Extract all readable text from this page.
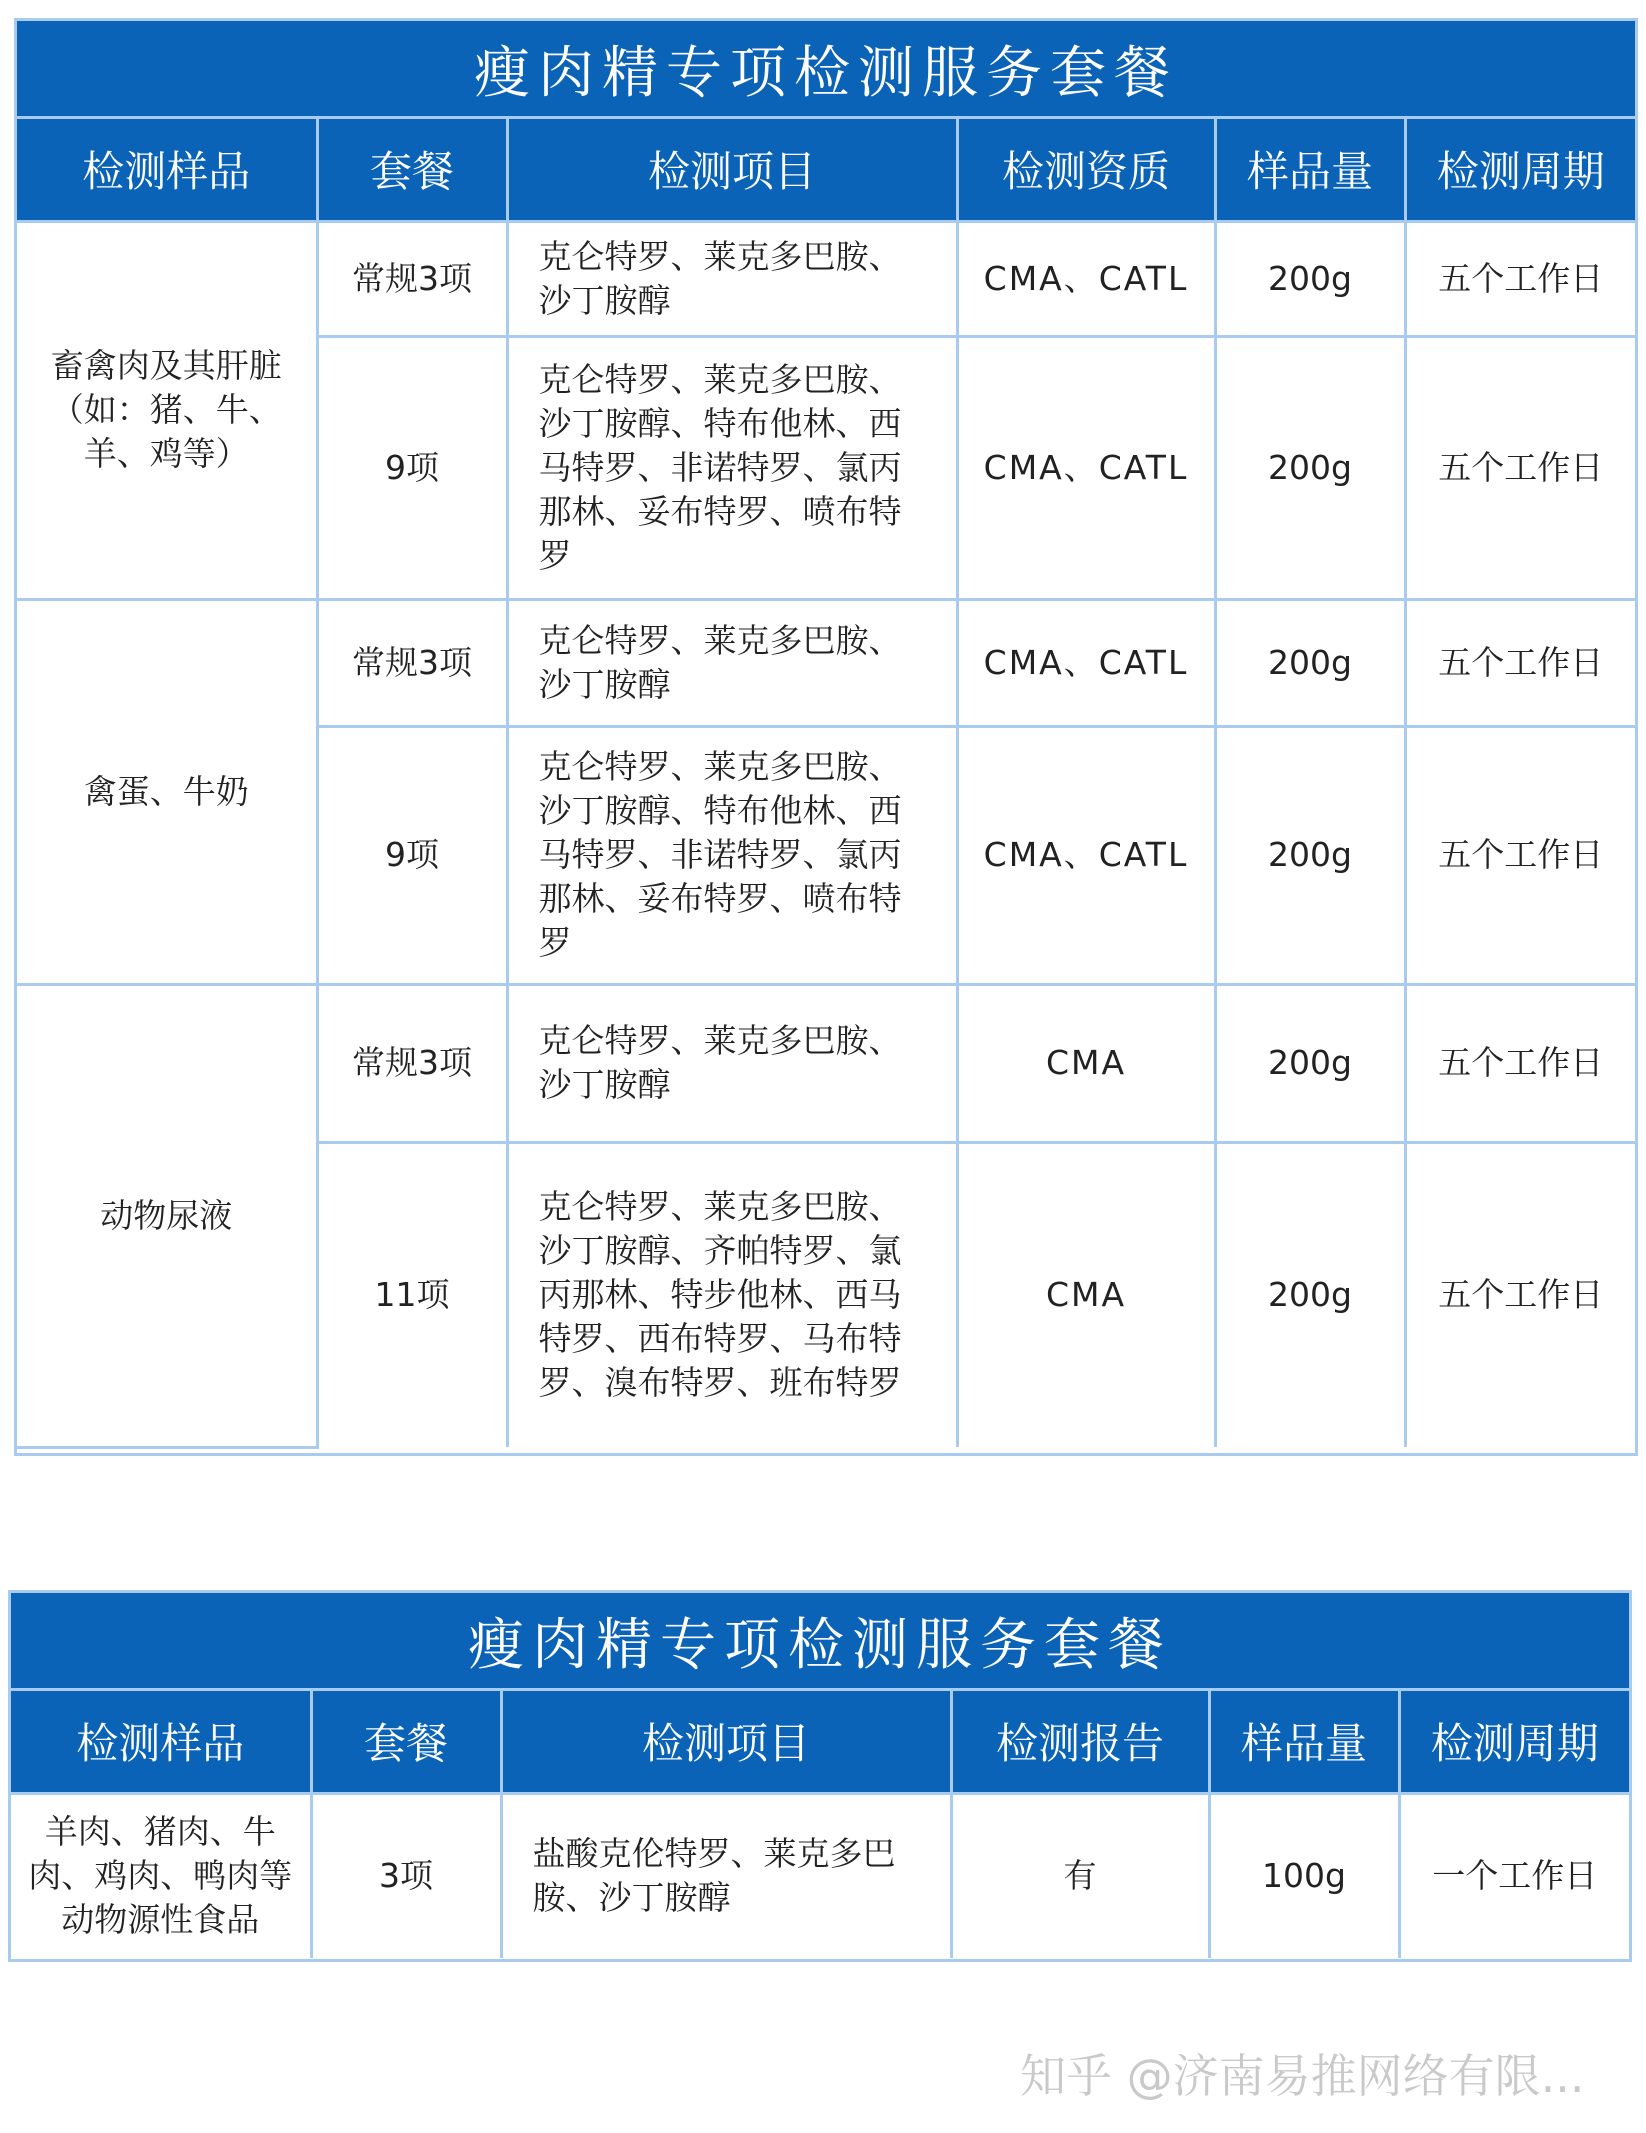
瘦肉精专项检测服务套餐
检测样品	套餐	检测项目	检测资质	样品量	检测周期
畜禽肉及其肝脏（如：猪、牛、羊、鸡等）	常规3项	克仑特罗、莱克多巴胺、沙丁胺醇	CMA、CATL	200g	五个工作日
	9项	克仑特罗、莱克多巴胺、沙丁胺醇、特布他林、西马特罗、非诺特罗、氯丙那林、妥布特罗、喷布特罗	CMA、CATL	200g	五个工作日
禽蛋、牛奶	常规3项	克仑特罗、莱克多巴胺、沙丁胺醇	CMA、CATL	200g	五个工作日
	9项	克仑特罗、莱克多巴胺、沙丁胺醇、特布他林、西马特罗、非诺特罗、氯丙那林、妥布特罗、喷布特罗	CMA、CATL	200g	五个工作日
动物尿液	常规3项	克仑特罗、莱克多巴胺、沙丁胺醇	CMA	200g	五个工作日
	11项	克仑特罗、莱克多巴胺、沙丁胺醇、齐帕特罗、氯丙那林、特步他林、西马特罗、西布特罗、马布特罗、溴布特罗、班布特罗	CMA	200g	五个工作日
瘦肉精专项检测服务套餐
检测样品	套餐	检测项目	检测报告	样品量	检测周期
羊肉、猪肉、牛肉、鸡肉、鸭肉等动物源性食品	3项	盐酸克伦特罗、莱克多巴胺、沙丁胺醇	有	100g	一个工作日
知乎 @济南易推网络有限...
